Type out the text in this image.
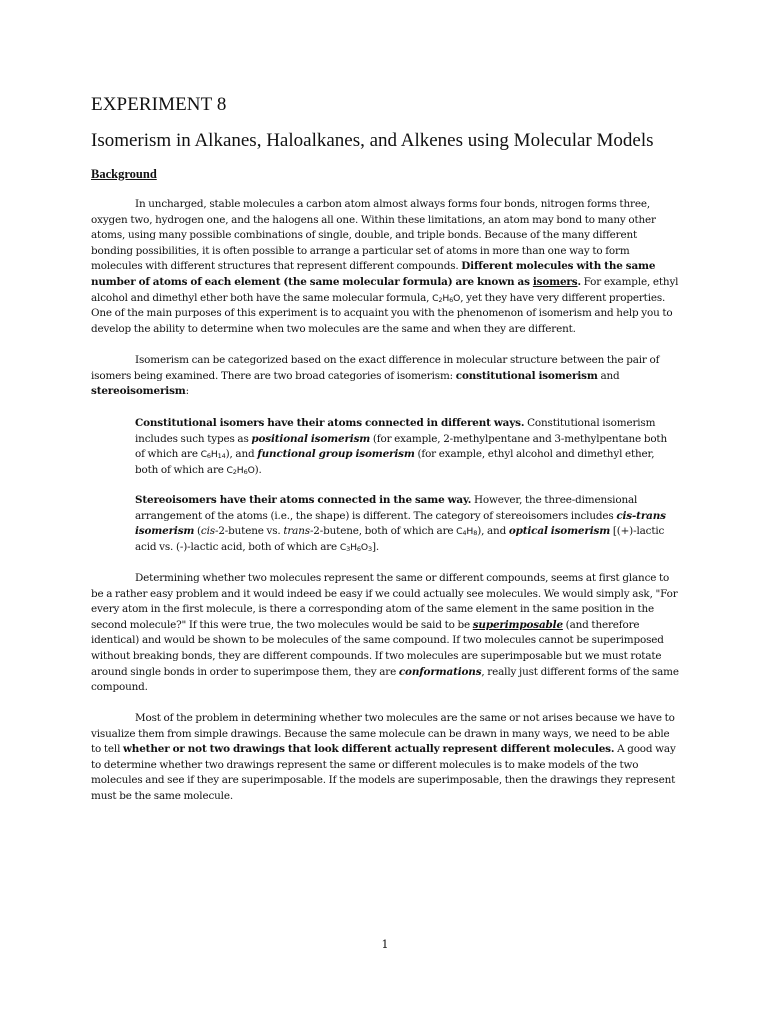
EXPERIMENT 8
Isomerism in Alkanes, Haloalkanes, and Alkenes using Molecular Models

Background

In uncharged, stable molecules a carbon atom almost always forms four bonds, nitrogen forms three, oxygen two, hydrogen one, and the halogens all one. Within these limitations, an atom may bond to many other atoms, using many possible combinations of single, double, and triple bonds. Because of the many different bonding possibilities, it is often possible to arrange a particular set of atoms in more than one way to form molecules with different structures that represent different compounds. Different molecules with the same number of atoms of each element (the same molecular formula) are known as isomers. For example, ethyl alcohol and dimethyl ether both have the same molecular formula, $C_2H_6O$, yet they have very different properties. One of the main purposes of this experiment is to acquaint you with the phenomenon of isomerism and help you to develop the ability to determine when two molecules are the same and when they are different.

Isomerism can be categorized based on the exact difference in molecular structure between the pair of isomers being examined. There are two broad categories of isomerism: constitutional isomerism and stereoisomerism:

Constitutional isomers have their atoms connected in different ways. Constitutional isomerism includes such types as positional isomerism (for example, 2-methylpentane and 3-methylpentane both of which are $C_6H_{14}$), and functional group isomerism (for example, ethyl alcohol and dimethyl ether, both of which are $C_2H_6O$).

Stereoisomers have their atoms connected in the same way. However, the three-dimensional arrangement of the atoms (i.e., the shape) is different. The category of stereoisomers includes cis-trans isomerism (cis-2-butene vs. trans-2-butene, both of which are $C_4H_8$), and optical isomerism [(+)-lactic acid vs. (-)-lactic acid, both of which are $C_3H_6O_3$].

Determining whether two molecules represent the same or different compounds, seems at first glance to be a rather easy problem and it would indeed be easy if we could actually see molecules. We would simply ask, "For every atom in the first molecule, is there a corresponding atom of the same element in the same position in the second molecule?" If this were true, the two molecules would be said to be superimposable (and therefore identical) and would be shown to be molecules of the same compound. If two molecules cannot be superimposed without breaking bonds, they are different compounds. If two molecules are superimposable but we must rotate around single bonds in order to superimpose them, they are conformations, really just different forms of the same compound.

Most of the problem in determining whether two molecules are the same or not arises because we have to visualize them from simple drawings. Because the same molecule can be drawn in many ways, we need to be able to tell whether or not two drawings that look different actually represent different molecules. A good way to determine whether two drawings represent the same or different molecules is to make models of the two molecules and see if they are superimposable. If the models are superimposable, then the drawings they represent must be the same molecule.

1
